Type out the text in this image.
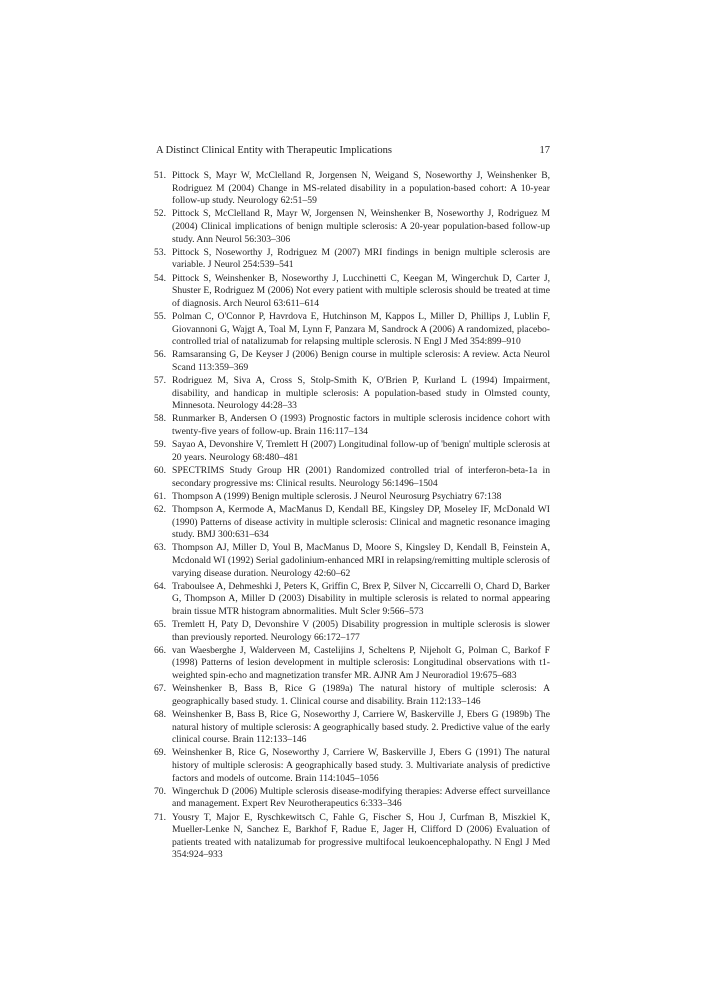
A Distinct Clinical Entity with Therapeutic Implications	17
51. Pittock S, Mayr W, McClelland R, Jorgensen N, Weigand S, Noseworthy J, Weinshenker B, Rodriguez M (2004) Change in MS-related disability in a population-based cohort: A 10-year follow-up study. Neurology 62:51–59
52. Pittock S, McClelland R, Mayr W, Jorgensen N, Weinshenker B, Noseworthy J, Rodriguez M (2004) Clinical implications of benign multiple sclerosis: A 20-year population-based follow-up study. Ann Neurol 56:303–306
53. Pittock S, Noseworthy J, Rodriguez M (2007) MRI findings in benign multiple sclerosis are variable. J Neurol 254:539–541
54. Pittock S, Weinshenker B, Noseworthy J, Lucchinetti C, Keegan M, Wingerchuk D, Carter J, Shuster E, Rodriguez M (2006) Not every patient with multiple sclerosis should be treated at time of diagnosis. Arch Neurol 63:611–614
55. Polman C, O'Connor P, Havrdova E, Hutchinson M, Kappos L, Miller D, Phillips J, Lublin F, Giovannoni G, Wajgt A, Toal M, Lynn F, Panzara M, Sandrock A (2006) A randomized, placebo-controlled trial of natalizumab for relapsing multiple sclerosis. N Engl J Med 354:899–910
56. Ramsaransing G, De Keyser J (2006) Benign course in multiple sclerosis: A review. Acta Neurol Scand 113:359–369
57. Rodriguez M, Siva A, Cross S, Stolp-Smith K, O'Brien P, Kurland L (1994) Impairment, disability, and handicap in multiple sclerosis: A population-based study in Olmsted county, Minnesota. Neurology 44:28–33
58. Runmarker B, Andersen O (1993) Prognostic factors in multiple sclerosis incidence cohort with twenty-five years of follow-up. Brain 116:117–134
59. Sayao A, Devonshire V, Tremlett H (2007) Longitudinal follow-up of 'benign' multiple sclerosis at 20 years. Neurology 68:480–481
60. SPECTRIMS Study Group HR (2001) Randomized controlled trial of interferon-beta-1a in secondary progressive ms: Clinical results. Neurology 56:1496–1504
61. Thompson A (1999) Benign multiple sclerosis. J Neurol Neurosurg Psychiatry 67:138
62. Thompson A, Kermode A, MacManus D, Kendall BE, Kingsley DP, Moseley IF, McDonald WI (1990) Patterns of disease activity in multiple sclerosis: Clinical and magnetic resonance imaging study. BMJ 300:631–634
63. Thompson AJ, Miller D, Youl B, MacManus D, Moore S, Kingsley D, Kendall B, Feinstein A, Mcdonald WI (1992) Serial gadolinium-enhanced MRI in relapsing/remitting multiple sclerosis of varying disease duration. Neurology 42:60–62
64. Traboulsee A, Dehmeshki J, Peters K, Griffin C, Brex P, Silver N, Ciccarrelli O, Chard D, Barker G, Thompson A, Miller D (2003) Disability in multiple sclerosis is related to normal appearing brain tissue MTR histogram abnormalities. Mult Scler 9:566–573
65. Tremlett H, Paty D, Devonshire V (2005) Disability progression in multiple sclerosis is slower than previously reported. Neurology 66:172–177
66. van Waesberghe J, Walderveen M, Castelijins J, Scheltens P, Nijeholt G, Polman C, Barkof F (1998) Patterns of lesion development in multiple sclerosis: Longitudinal observations with t1-weighted spin-echo and magnetization transfer MR. AJNR Am J Neuroradiol 19:675–683
67. Weinshenker B, Bass B, Rice G (1989a) The natural history of multiple sclerosis: A geographically based study. 1. Clinical course and disability. Brain 112:133–146
68. Weinshenker B, Bass B, Rice G, Noseworthy J, Carriere W, Baskerville J, Ebers G (1989b) The natural history of multiple sclerosis: A geographically based study. 2. Predictive value of the early clinical course. Brain 112:133–146
69. Weinshenker B, Rice G, Noseworthy J, Carriere W, Baskerville J, Ebers G (1991) The natural history of multiple sclerosis: A geographically based study. 3. Multivariate analysis of predictive factors and models of outcome. Brain 114:1045–1056
70. Wingerchuk D (2006) Multiple sclerosis disease-modifying therapies: Adverse effect surveillance and management. Expert Rev Neurotherapeutics 6:333–346
71. Yousry T, Major E, Ryschkewitsch C, Fahle G, Fischer S, Hou J, Curfman B, Miszkiel K, Mueller-Lenke N, Sanchez E, Barkhof F, Radue E, Jager H, Clifford D (2006) Evaluation of patients treated with natalizumab for progressive multifocal leukoencephalopathy. N Engl J Med 354:924–933
